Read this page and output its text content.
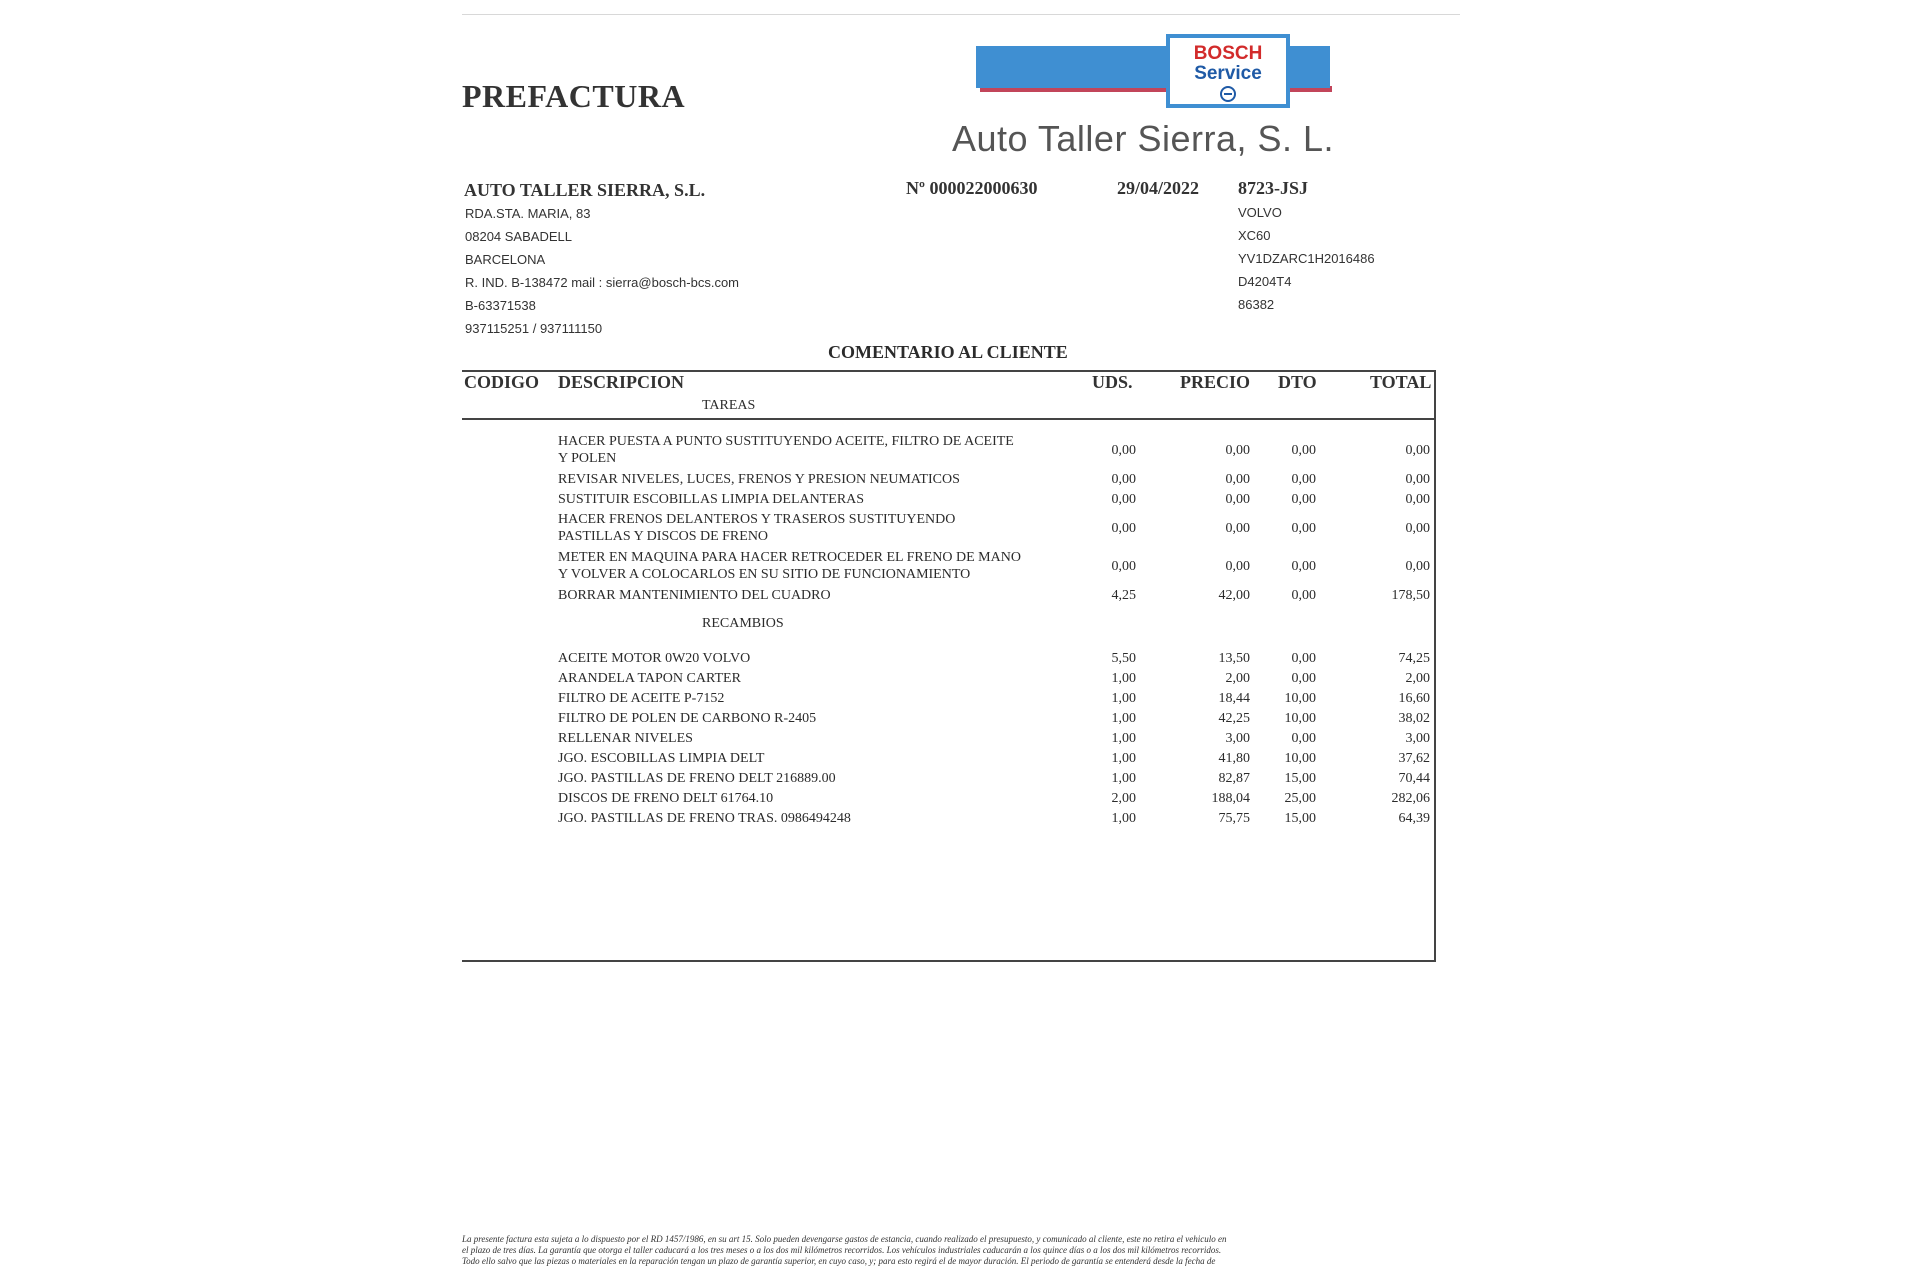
PREFACTURA
BOSCH
Service
Auto Taller Sierra, S. L.
AUTO TALLER SIERRA, S.L.
RDA.STA. MARIA, 83
08204 SABADELL
BARCELONA
R. IND. B-138472 mail : sierra@bosch-bcs.com
B-63371538
937115251 / 937111150
Nº 000022000630	29/04/2022 8723-JSJ
VOLVO
XC60
YV1DZARC1H2016486
D4204T4
86382
COMENTARIO AL CLIENTE
CODIGO DESCRIPCION	UDS.	PRECIO DTO	TOTAL
TAREAS
HACER PUESTA A PUNTO SUSTITUYENDO ACEITE, FILTRO DE ACEITE
Y POLEN
0,00	0,00	0,00	0,00
REVISAR NIVELES, LUCES, FRENOS Y PRESION NEUMATICOS	0,00	0,00	0,00	0,00
SUSTITUIR ESCOBILLAS LIMPIA DELANTERAS	0,00	0,00	0,00	0,00
HACER FRENOS DELANTEROS Y TRASEROS SUSTITUYENDO
PASTILLAS Y DISCOS DE FRENO
0,00	0,00	0,00	0,00
METER EN MAQUINA PARA HACER RETROCEDER EL FRENO DE MANO
Y VOLVER A COLOCARLOS EN SU SITIO DE FUNCIONAMIENTO
0,00	0,00	0,00	0,00
BORRAR MANTENIMIENTO DEL CUADRO	4,25	42,00	0,00	178,50
RECAMBIOS
ACEITE MOTOR 0W20 VOLVO	5,50	13,50	0,00	74,25
ARANDELA TAPON CARTER	1,00	2,00	0,00	2,00
FILTRO DE ACEITE P-7152	1,00	18,44	10,00	16,60
FILTRO DE POLEN DE CARBONO R-2405	1,00	42,25	10,00	38,02
RELLENAR NIVELES	1,00	3,00	0,00	3,00
JGO. ESCOBILLAS LIMPIA DELT	1,00	41,80	10,00	37,62
JGO. PASTILLAS DE FRENO DELT 216889.00	1,00	82,87	15,00	70,44
DISCOS DE FRENO DELT 61764.10	2,00	188,04	25,00	282,06
JGO. PASTILLAS DE FRENO TRAS. 0986494248	1,00	75,75	15,00	64,39
La presente factura esta sujeta a lo dispuesto por el RD 1457/1986, en su art 15. Solo pueden devengarse gastos de estancia, cuando realizado el presupuesto, y comunicado al cliente, este no retira el vehiculo en
el plazo de tres días. La garantía que otorga el taller caducará a los tres meses o a los dos mil kilómetros recorridos. Los vehículos industriales caducarán a los quince días o a los dos mil kilómetros recorridos.
Todo ello salvo que las piezas o materiales en la reparación tengan un plazo de garantía superior, en cuyo caso, y; para esto regirá el de mayor duración. El periodo de garantía se entenderá desde la fecha de
